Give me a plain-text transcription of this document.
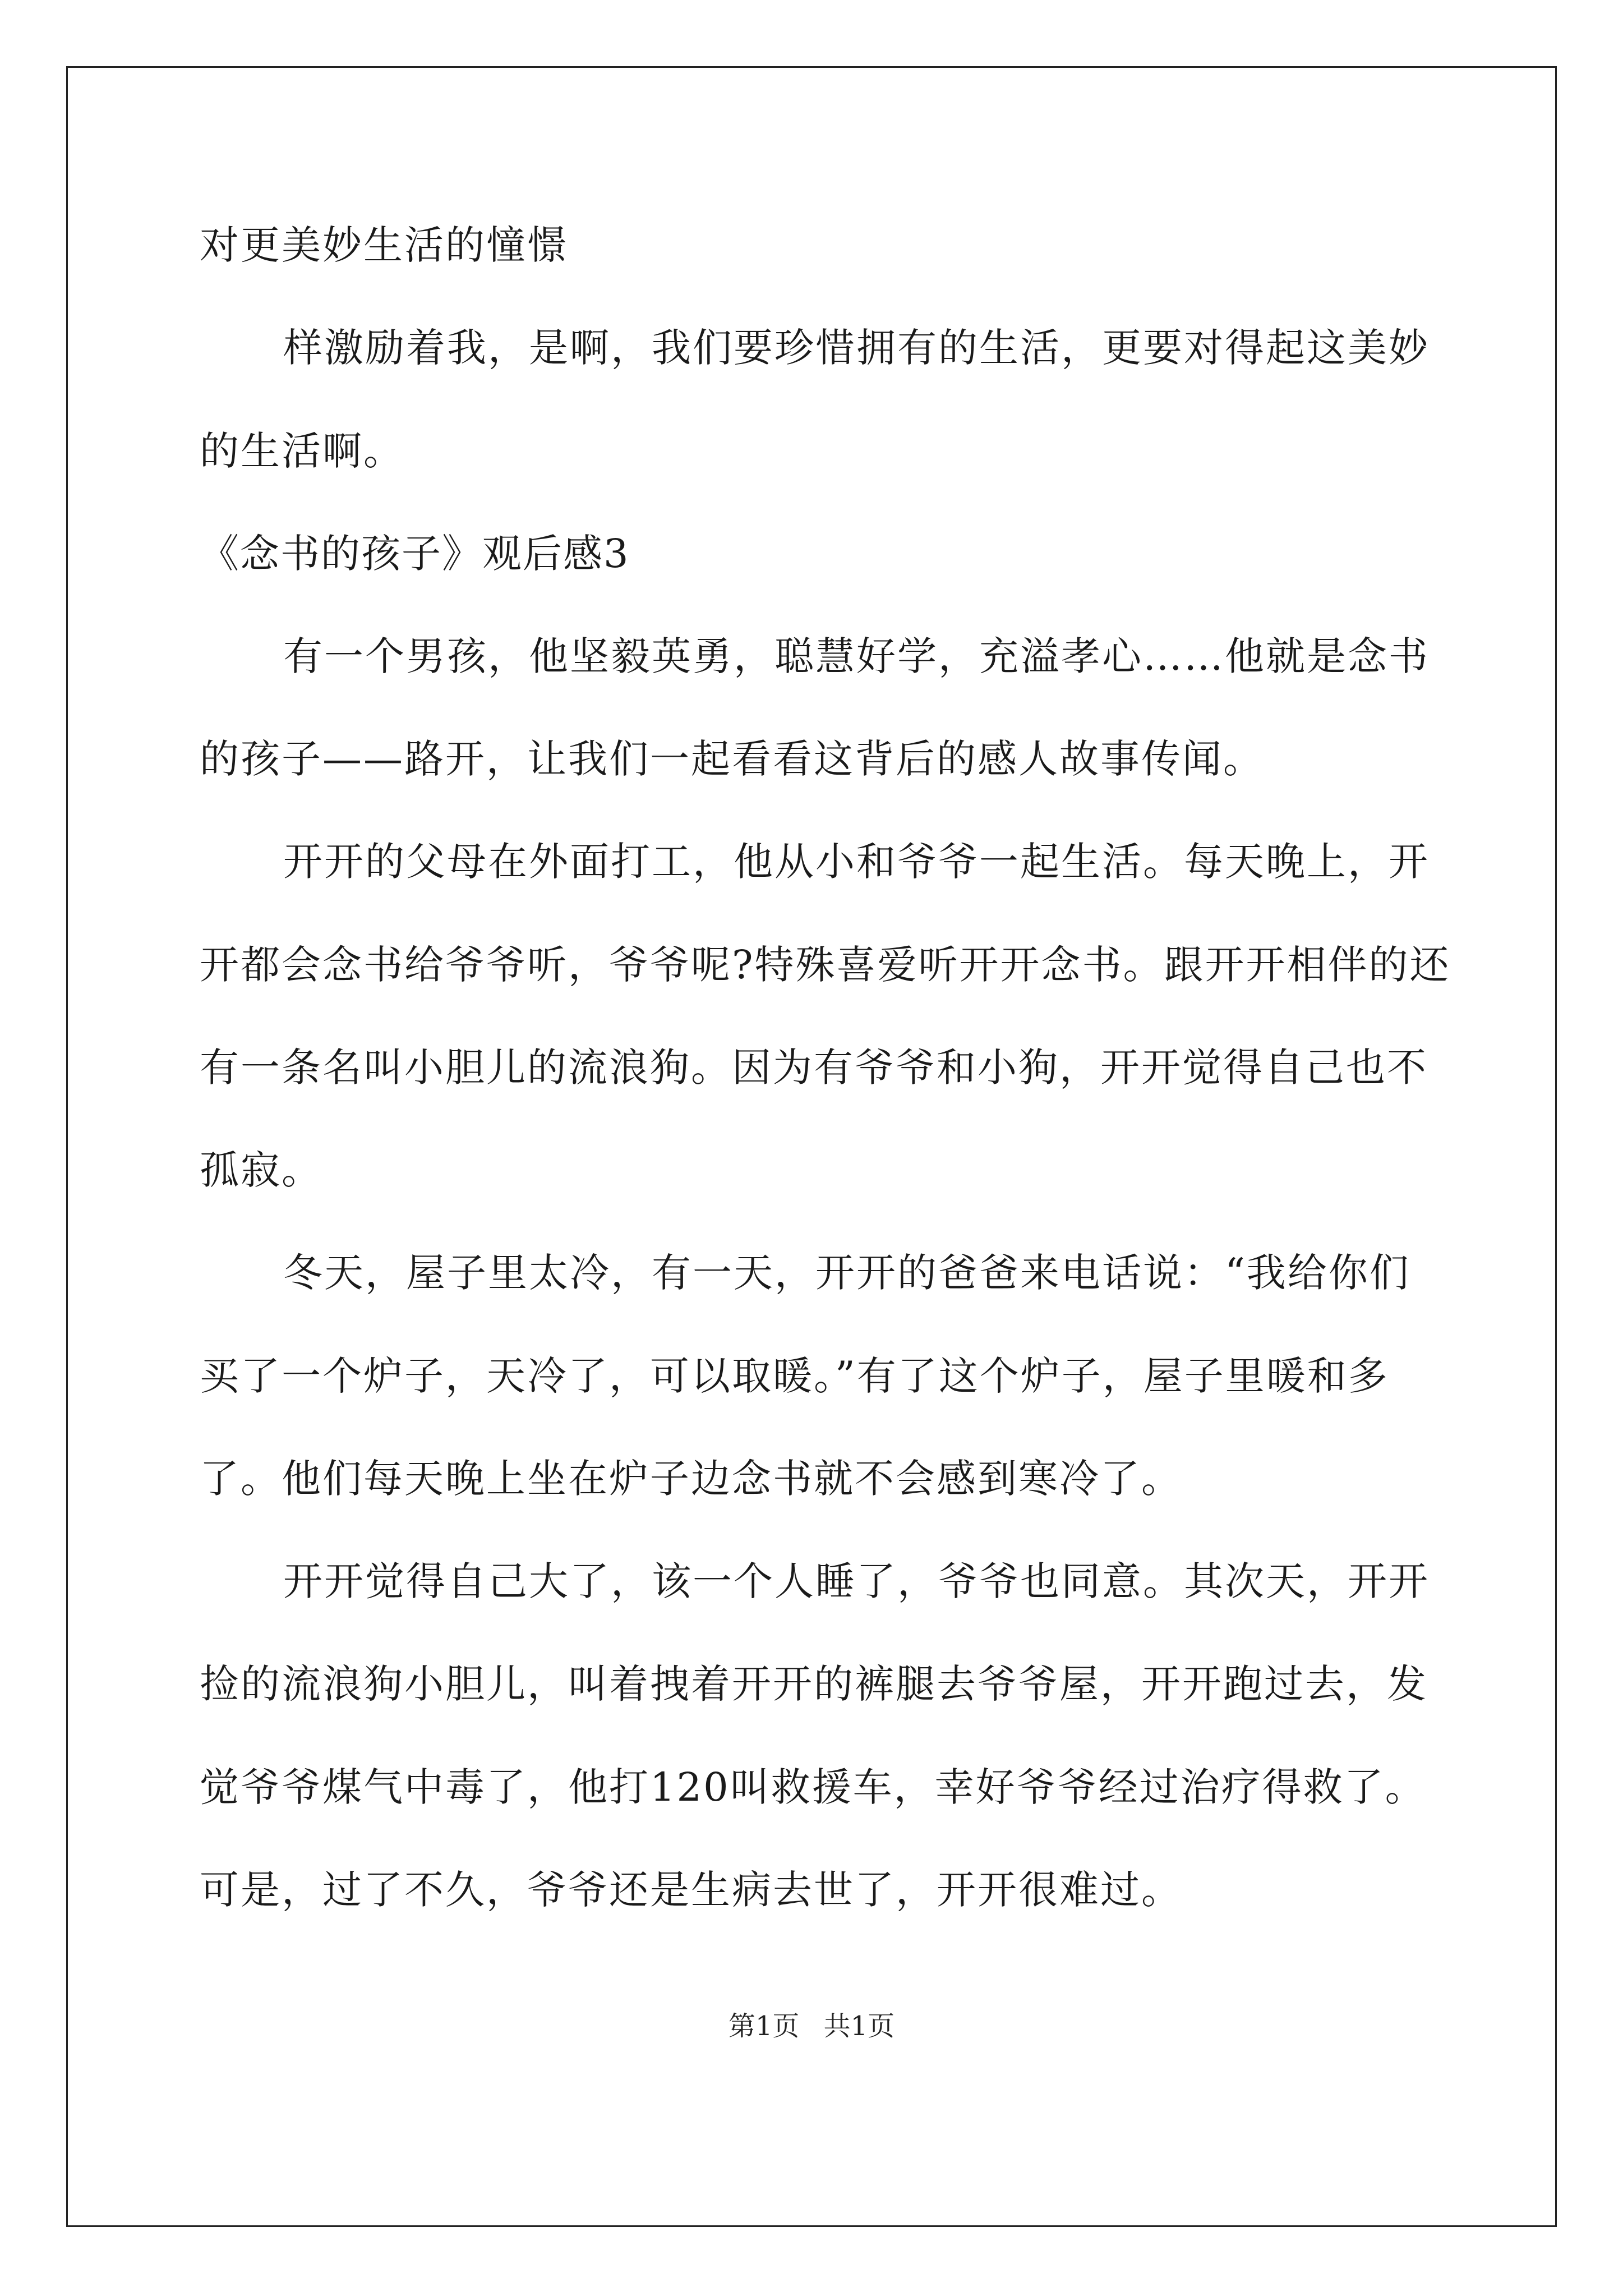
对更美妙生活的憧憬
样激励着我，是啊，我们要珍惜拥有的生活，更要对得起这美妙
的生活啊。
《念书的孩子》观后感3
有一个男孩，他坚毅英勇，聪慧好学，充溢孝心……他就是念书
的孩子——路开，让我们一起看看这背后的感人故事传闻。
开开的父母在外面打工，他从小和爷爷一起生活。每天晚上，开
开都会念书给爷爷听，爷爷呢?特殊喜爱听开开念书。跟开开相伴的还
有一条名叫小胆儿的流浪狗。因为有爷爷和小狗，开开觉得自己也不
孤寂。
冬天，屋子里太冷，有一天，开开的爸爸来电话说：“我给你们
买了一个炉子，天冷了，可以取暖。”有了这个炉子，屋子里暖和多
了。他们每天晚上坐在炉子边念书就不会感到寒冷了。
开开觉得自己大了，该一个人睡了，爷爷也同意。其次天，开开
捡的流浪狗小胆儿，叫着拽着开开的裤腿去爷爷屋，开开跑过去，发
觉爷爷煤气中毒了，他打120叫救援车，幸好爷爷经过治疗得救了。
可是，过了不久，爷爷还是生病去世了，开开很难过。
第1页 共1页
